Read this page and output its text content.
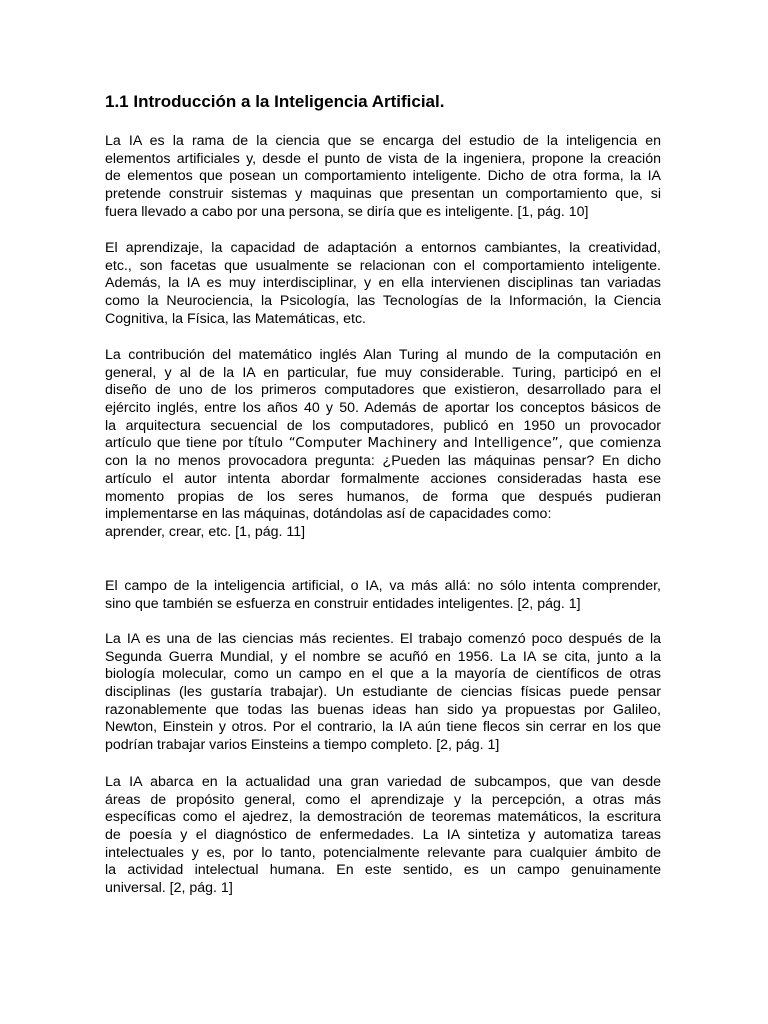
1.1 Introducción a la Inteligencia Artificial.
La IA es la rama de la ciencia que se encarga del estudio de la inteligencia en
elementos artificiales y, desde el punto de vista de la ingeniera, propone la creación
de elementos que posean un comportamiento inteligente. Dicho de otra forma, la IA
pretende construir sistemas y maquinas que presentan un comportamiento que, si
fuera llevado a cabo por una persona, se diría que es inteligente. [1, pág. 10]
El aprendizaje, la capacidad de adaptación a entornos cambiantes, la creatividad,
etc., son facetas que usualmente se relacionan con el comportamiento inteligente.
Además, la IA es muy interdisciplinar, y en ella intervienen disciplinas tan variadas
como la Neurociencia, la Psicología, las Tecnologías de la Información, la Ciencia
Cognitiva, la Física, las Matemáticas, etc.
La contribución del matemático inglés Alan Turing al mundo de la computación en
general, y al de la IA en particular, fue muy considerable. Turing, participó en el
diseño de uno de los primeros computadores que existieron, desarrollado para el
ejército inglés, entre los años 40 y 50. Además de aportar los conceptos básicos de
la arquitectura secuencial de los computadores, publicó en 1950 un provocador
artículo que tiene por título “Computer Machinery and Intelligence”, que comienza
con la no menos provocadora pregunta: ¿Pueden las máquinas pensar? En dicho
artículo el autor intenta abordar formalmente acciones consideradas hasta ese
momento propias de los seres humanos, de forma que después pudieran
implementarse en las máquinas, dotándolas así de capacidades como:
aprender, crear, etc. [1, pág. 11]
El campo de la inteligencia artificial, o IA, va más allá: no sólo intenta comprender,
sino que también se esfuerza en construir entidades inteligentes. [2, pág. 1]
La IA es una de las ciencias más recientes. El trabajo comenzó poco después de la
Segunda Guerra Mundial, y el nombre se acuñó en 1956. La IA se cita, junto a la
biología molecular, como un campo en el que a la mayoría de científicos de otras
disciplinas (les gustaría trabajar). Un estudiante de ciencias físicas puede pensar
razonablemente que todas las buenas ideas han sido ya propuestas por Galileo,
Newton, Einstein y otros. Por el contrario, la IA aún tiene flecos sin cerrar en los que
podrían trabajar varios Einsteins a tiempo completo. [2, pág. 1]
La IA abarca en la actualidad una gran variedad de subcampos, que van desde
áreas de propósito general, como el aprendizaje y la percepción, a otras más
específicas como el ajedrez, la demostración de teoremas matemáticos, la escritura
de poesía y el diagnóstico de enfermedades. La IA sintetiza y automatiza tareas
intelectuales y es, por lo tanto, potencialmente relevante para cualquier ámbito de
la actividad intelectual humana. En este sentido, es un campo genuinamente
universal. [2, pág. 1]
